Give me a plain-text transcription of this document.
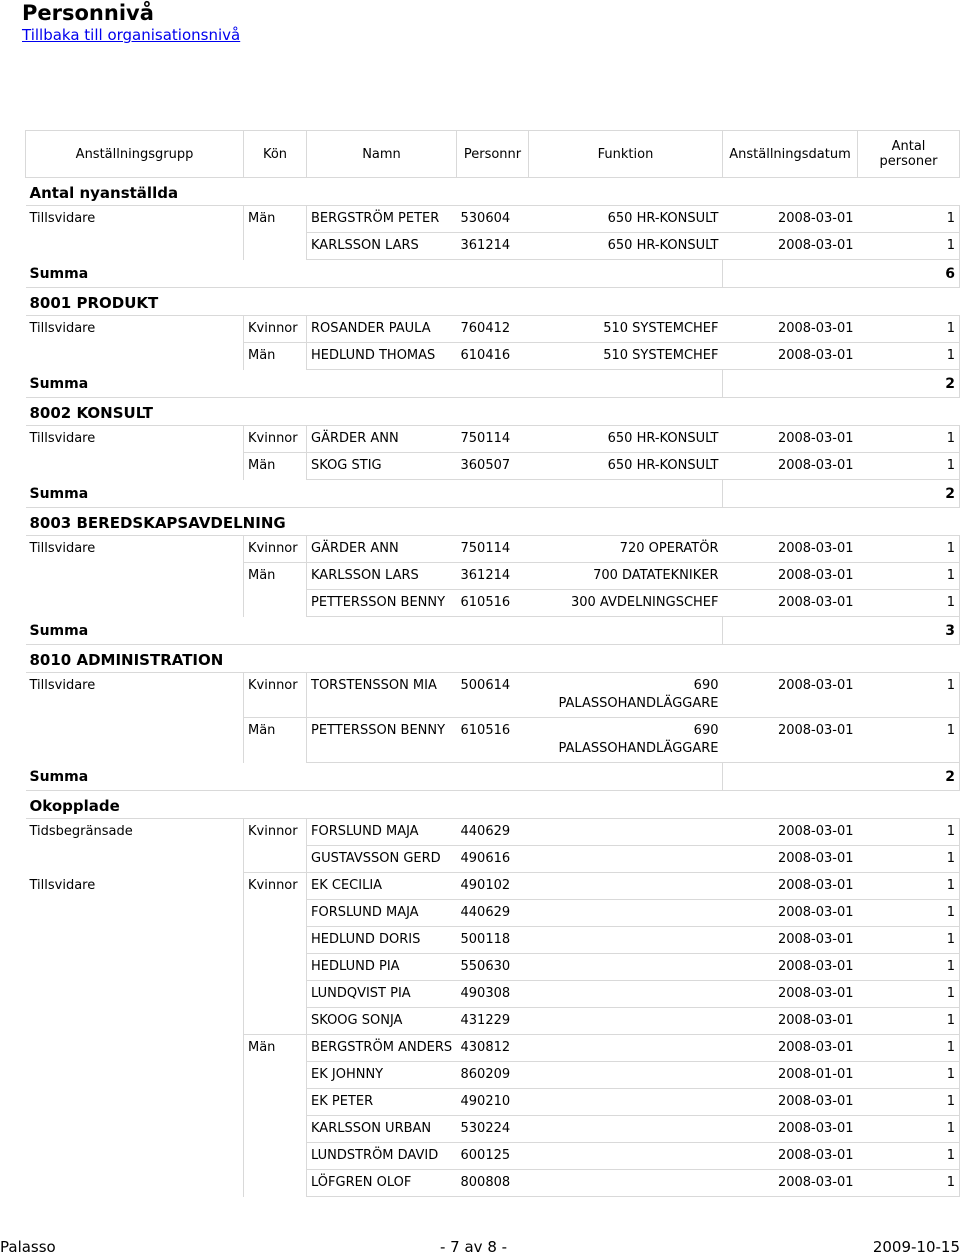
Personnivå
Tillbaka till organisationsnivå
Anställningsgrupp	Kön	Namn	Personnr	Funktion	Anställningsdatum	Antal personer
Antal nyanställda						
Tillsvidare	Män	BERGSTRÖM PETER	530604	650 HR-KONSULT	2008-03-01	1
		KARLSSON LARS	361214	650 HR-KONSULT	2008-03-01	1
Summa						6
8001 PRODUKT						
Tillsvidare	Kvinnor	ROSANDER PAULA	760412	510 SYSTEMCHEF	2008-03-01	1
	Män	HEDLUND THOMAS	610416	510 SYSTEMCHEF	2008-03-01	1
Summa						2
8002 KONSULT						
Tillsvidare	Kvinnor	GÄRDER ANN	750114	650 HR-KONSULT	2008-03-01	1
	Män	SKOG STIG	360507	650 HR-KONSULT	2008-03-01	1
Summa						2
8003 BEREDSKAPSAVDELNING						
Tillsvidare	Kvinnor	GÄRDER ANN	750114	720 OPERATÖR	2008-03-01	1
	Män	KARLSSON LARS	361214	700 DATATEKNIKER	2008-03-01	1
		PETTERSSON BENNY	610516	300 AVDELNINGSCHEF	2008-03-01	1
Summa						3
8010 ADMINISTRATION						
Tillsvidare	Kvinnor	TORSTENSSON MIA	500614	690 PALASSOHANDLÄGGARE	2008-03-01	1
	Män	PETTERSSON BENNY	610516	690 PALASSOHANDLÄGGARE	2008-03-01	1
Summa						2
Okopplade						
Tidsbegränsade	Kvinnor	FORSLUND MAJA	440629		2008-03-01	1
		GUSTAVSSON GERD	490616		2008-03-01	1
Tillsvidare	Kvinnor	EK CECILIA	490102		2008-03-01	1
		FORSLUND MAJA	440629		2008-03-01	1
		HEDLUND DORIS	500118		2008-03-01	1
		HEDLUND PIA	550630		2008-03-01	1
		LUNDQVIST PIA	490308		2008-03-01	1
		SKOOG SONJA	431229		2008-03-01	1
	Män	BERGSTRÖM ANDERS	430812		2008-03-01	1
		EK JOHNNY	860209		2008-01-01	1
		EK PETER	490210		2008-03-01	1
		KARLSSON URBAN	530224		2008-03-01	1
		LUNDSTRÖM DAVID	600125		2008-03-01	1
		LÖFGREN OLOF	800808		2008-03-01	1
Palasso	- 7 av 8 -	2009-10-15
